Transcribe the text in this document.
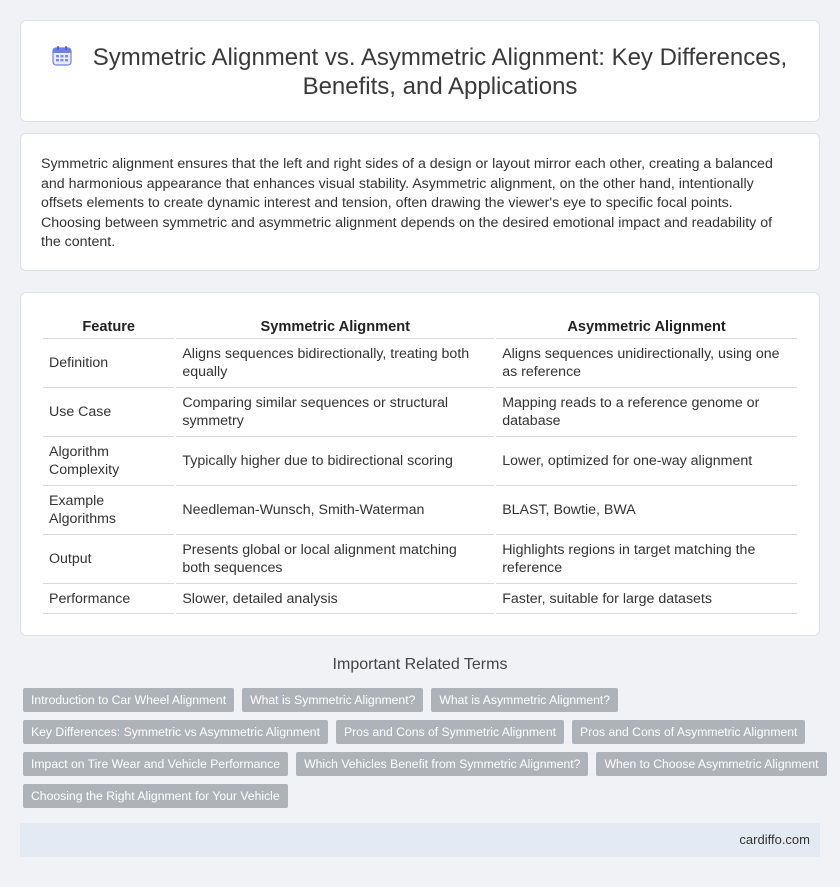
Symmetric Alignment vs. Asymmetric Alignment: Key Differences, Benefits, and Applications

Symmetric alignment ensures that the left and right sides of a design or layout mirror each other, creating a balanced and harmonious appearance that enhances visual stability. Asymmetric alignment, on the other hand, intentionally offsets elements to create dynamic interest and tension, often drawing the viewer's eye to specific focal points. Choosing between symmetric and asymmetric alignment depends on the desired emotional impact and readability of the content.

Feature	Symmetric Alignment	Asymmetric Alignment
Definition	Aligns sequences bidirectionally, treating both equally	Aligns sequences unidirectionally, using one as reference
Use Case	Comparing similar sequences or structural symmetry	Mapping reads to a reference genome or database
Algorithm Complexity	Typically higher due to bidirectional scoring	Lower, optimized for one-way alignment
Example Algorithms	Needleman-Wunsch, Smith-Waterman	BLAST, Bowtie, BWA
Output	Presents global or local alignment matching both sequences	Highlights regions in target matching the reference
Performance	Slower, detailed analysis	Faster, suitable for large datasets
Important Related Terms
Introduction to Car Wheel Alignment	What is Symmetric Alignment?	What is Asymmetric Alignment?
Key Differences: Symmetric vs Asymmetric Alignment	Pros and Cons of Symmetric Alignment	Pros and Cons of Asymmetric Alignment
Impact on Tire Wear and Vehicle Performance	Which Vehicles Benefit from Symmetric Alignment?	When to Choose Asymmetric Alignment
Choosing the Right Alignment for Your Vehicle
cardiffo.com
